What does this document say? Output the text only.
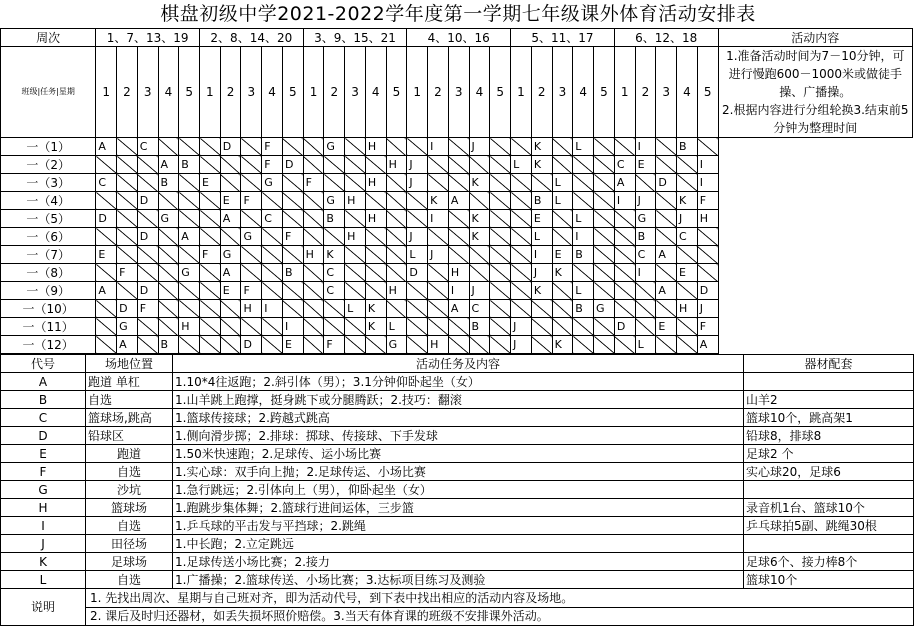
棋盘初级中学2021-2022学年度第一学期七年级课外体育活动安排表
周次	1、7、13、19					2、8、14、20					3、9、15、21					4、10、16					5、11、17					6、12、18					活动内容
班级|任务|星期	1	2	3	4	5	1	2	3	4	5	1	2	3	4	5	1	2	3	4	5	1	2	3	4	5	1	2	3	4	5	1.准备活动时间为7－10分钟，可进行慢跑600－1000米或做徒手操、广播操。
2.根据内容进行分组轮换3.结束前5分钟为整理时间

一（1）	A		C				D		F			G		H			I		J			K		L			I		B		
一（2）				A	B				F	D					H	J					L	K				C	E			I	
一（3）	C			B		E			G		F			H		J			K				L			A		D		I	
一（4）			D				E	F				G	H				K	A				B	L			I	J		K	F	
一（5）	D			G			A		C			B		H			I		K			E		L			G		J	H	
一（6）			D		A			G		F			H			J			K			L		I			B		C		
一（7）	E					F	G				H	K				L	J					I	E	B			C	A			
一（8）		F			G		A			B		C				D		H				J	K				I		E		
一（9）	A		D				E	F				C			H			I	J			K		L				A		D	
一（10）		D	F					H	I				L	K				A	C					B	G				H	J	
一（11）		G			H					I				K	L				B		J					D		E		F	
一（12）		A		B				D		E		F			G		H				J		K				L			A	
代号	场地位置	活动任务及内容	器材配套
A	跑道 单杠	1.10*4往返跑；2.斜引体（男）；3.1分钟仰卧起坐（女）	
B	自选	1.山羊跳上跑撑，挺身跳下或分腿腾跃；2.技巧：翻滚	山羊2
C	篮球场,跳高	1.篮球传接球；2.跨越式跳高	篮球10个，跳高架1
D	铅球区	1.侧向滑步掷；2.排球：掷球、传接球、下手发球	铅球8，排球8
E	跑道	1.50米快速跑；2.足球传、运小场比赛	足球2 个
F	自选	1.实心球：双手向上抛；2.足球传运、小场比赛	实心球20，足球6
G	沙坑	1.急行跳远；2.引体向上（男），仰卧起坐（女）	
H	篮球场	1.跑跳步集体舞；2.篮球行进间运体，三步篮	录音机1台、篮球10个
I	自选	1.乒乓球的平击发与平挡球；2.跳绳	乒乓球拍5副、跳绳30根
J	田径场	1.中长跑；2.立定跳远	
K	足球场	1.足球传送小场比赛；2.接力	足球6个、接力棒8个
L	自选	1.广播操；2.篮球传送、小场比赛；3.达标项目练习及测验	篮球10个
说明	1. 先找出周次、星期与自己班对齐，即为活动代号，到下表中找出相应的活动内容及场地。		
	2. 课后及时归还器材，如丢失损坏照价赔偿。3.当天有体育课的班级不安排课外活动。		
